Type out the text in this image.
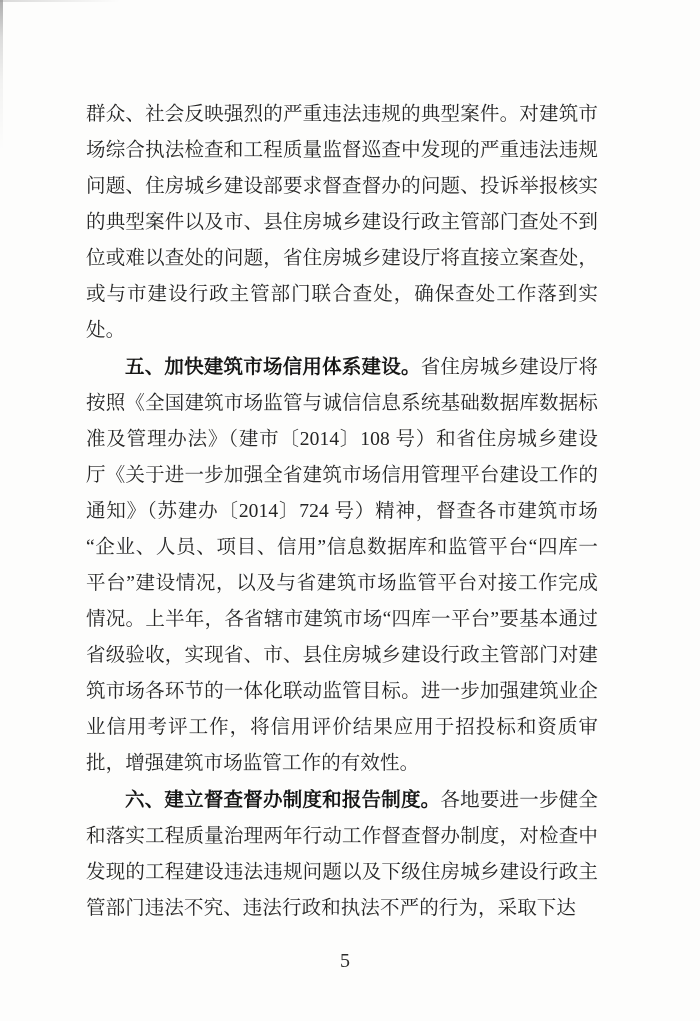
群众、社会反映强烈的严重违法违规的典型案件。对建筑市场综合执法检查和工程质量监督巡查中发现的严重违法违规问题、住房城乡建设部要求督查督办的问题、投诉举报核实的典型案件以及市、县住房城乡建设行政主管部门查处不到位或难以查处的问题，省住房城乡建设厅将直接立案查处，或与市建设行政主管部门联合查处，确保查处工作落到实处。

五、加快建筑市场信用体系建设。省住房城乡建设厅将按照《全国建筑市场监管与诚信信息系统基础数据库数据标准及管理办法》（建市〔2014〕108 号）和省住房城乡建设厅《关于进一步加强全省建筑市场信用管理平台建设工作的通知》（苏建办〔2014〕724 号）精神，督查各市建筑市场“企业、人员、项目、信用”信息数据库和监管平台“四库一平台”建设情况，以及与省建筑市场监管平台对接工作完成情况。上半年，各省辖市建筑市场“四库一平台”要基本通过省级验收，实现省、市、县住房城乡建设行政主管部门对建筑市场各环节的一体化联动监管目标。进一步加强建筑业企业信用考评工作，将信用评价结果应用于招投标和资质审批，增强建筑市场监管工作的有效性。

六、建立督查督办制度和报告制度。各地要进一步健全和落实工程质量治理两年行动工作督查督办制度，对检查中发现的工程建设违法违规问题以及下级住房城乡建设行政主管部门违法不究、违法行政和执法不严的行为，采取下达

5
